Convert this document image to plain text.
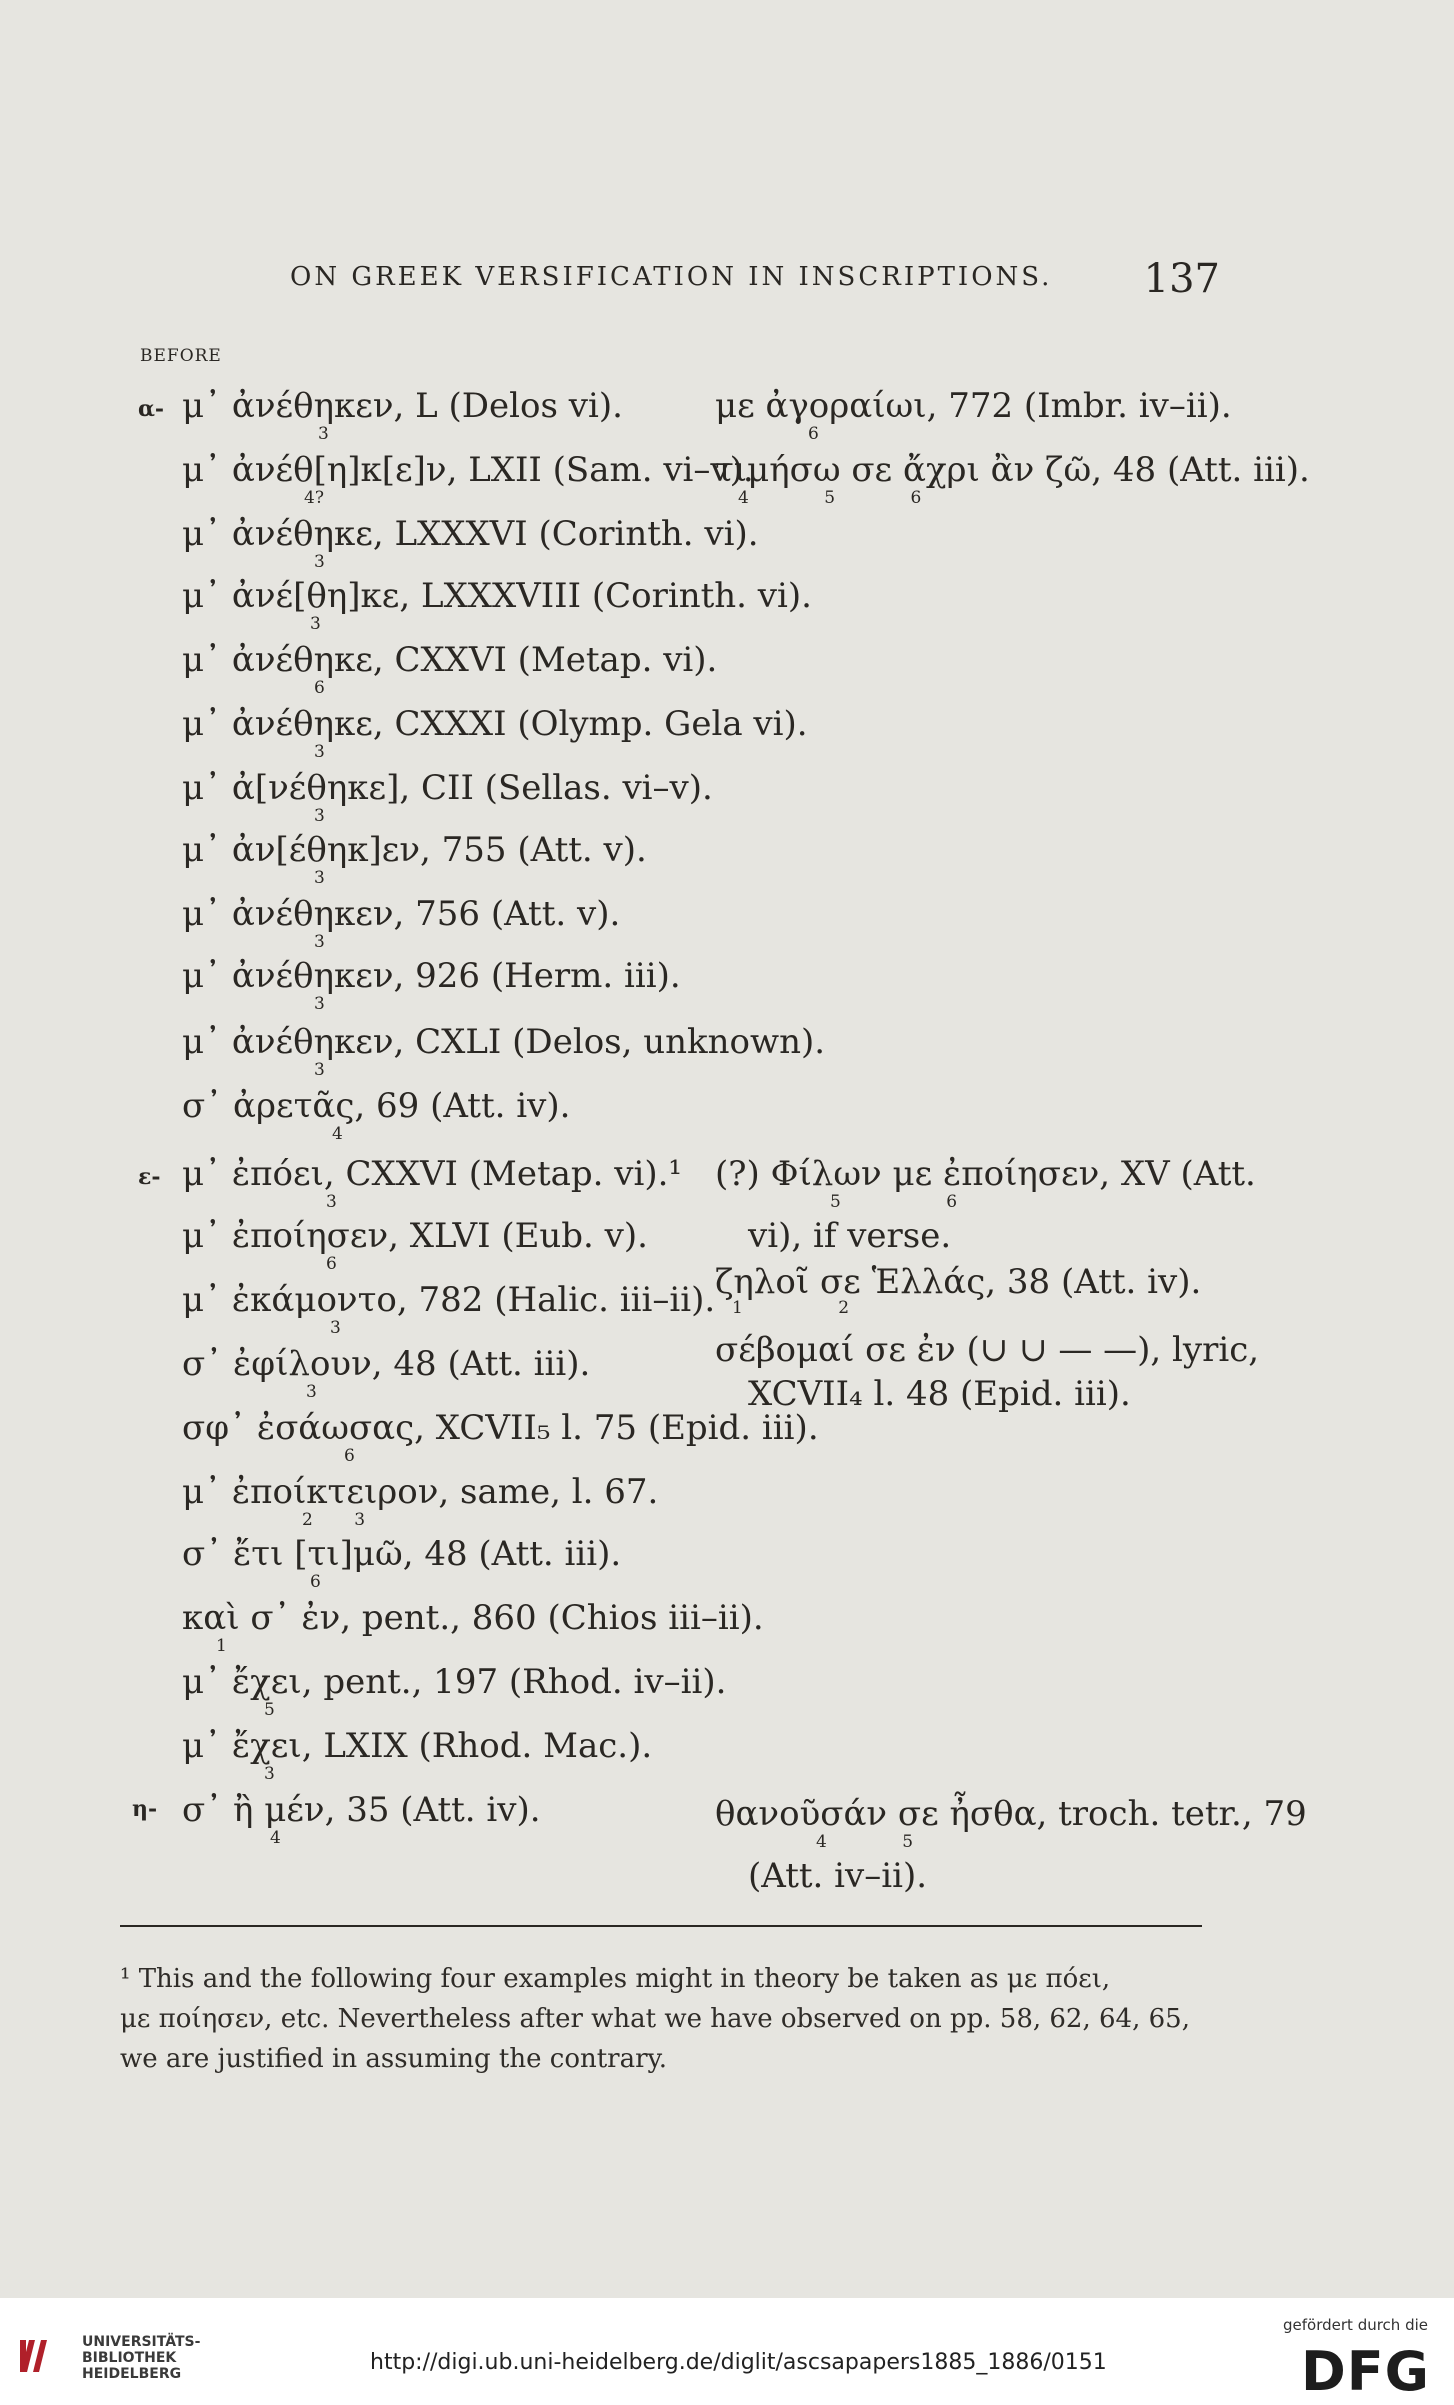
ON GREEK VERSIFICATION IN INSCRIPTIONS. 137
BEFORE
α-
ε-
η-
μ᾽ ἀνέθηκεν, L (Delos vi).
μ᾽ ἀνέθ[η]κ[ε]ν, LXII (Sam. vi–v).
μ᾽ ἀνέθηκε, LXXXVI (Corinth. vi).
μ᾽ ἀνέ[θη]κε, LXXXVIII (Corinth. vi).
μ᾽ ἀνέθηκε, CXXVI (Metap. vi).
μ᾽ ἀνέθηκε, CXXXI (Olymp. Gela vi).
μ᾽ ἀ[νέθηκε], CII (Sellas. vi–v).
μ᾽ ἀν[έθηκ]εν, 755 (Att. v).
μ᾽ ἀνέθηκεν, 756 (Att. v).
μ᾽ ἀνέθηκεν, 926 (Herm. iii).
μ᾽ ἀνέθηκεν, CXLI (Delos, unknown).
σ᾽ ἀρετᾶς, 69 (Att. iv).
μ᾽ ἐπόει, CXXVI (Metap. vi).¹
μ᾽ ἐποίησεν, XLVI (Eub. v).
μ᾽ ἐκάμοντο, 782 (Halic. iii–ii).
σ᾽ ἐφίλουν, 48 (Att. iii).
σφ᾽ ἐσάωσας, XCVII₅ l. 75 (Epid. iii).
μ᾽ ἐποίκτειρον, same, l. 67.
σ᾽ ἔτι [τι]μῶ, 48 (Att. iii).
καὶ σ᾽ ἐν, pent., 860 (Chios iii–ii).
μ᾽ ἔχει, pent., 197 (Rhod. iv–ii).
μ᾽ ἔχει, LXIX (Rhod. Mac.).
σ᾽ ἢ μέν, 35 (Att. iv).
3
4?
3
3
6
3
3
3
3
3
3
4
3
6
3
3
6
2 3
6
1
5
3
4
με ἀγοραίωι, 772 (Imbr. iv–ii).
τιμήσω σε ἄχρι ἂν ζῶ, 48 (Att. iii).
(?) Φίλων με ἐποίησεν, XV (Att.
vi), if verse.
ζηλοῖ σε Ἑλλάς, 38 (Att. iv).
σέβομαί σε ἐν (∪ ∪ — —), lyric,
XCVII₄ l. 48 (Epid. iii).
θανοῦσάν σε ἦσθα, troch. tetr., 79
(Att. iv–ii).
6
4 5 6
5 6
1 2
4 5
¹ This and the following four examples might in theory be taken as με πόει,
με ποίησεν, etc. Nevertheless after what we have observed on pp. 58, 62, 64, 65,
we are justified in assuming the contrary.
UNIVERSITÄTS-
BIBLIOTHEK
HEIDELBERG	http://digi.ub.uni-heidelberg.de/diglit/ascsapapers1885_1886/0151
gefördert durch die
DFG
